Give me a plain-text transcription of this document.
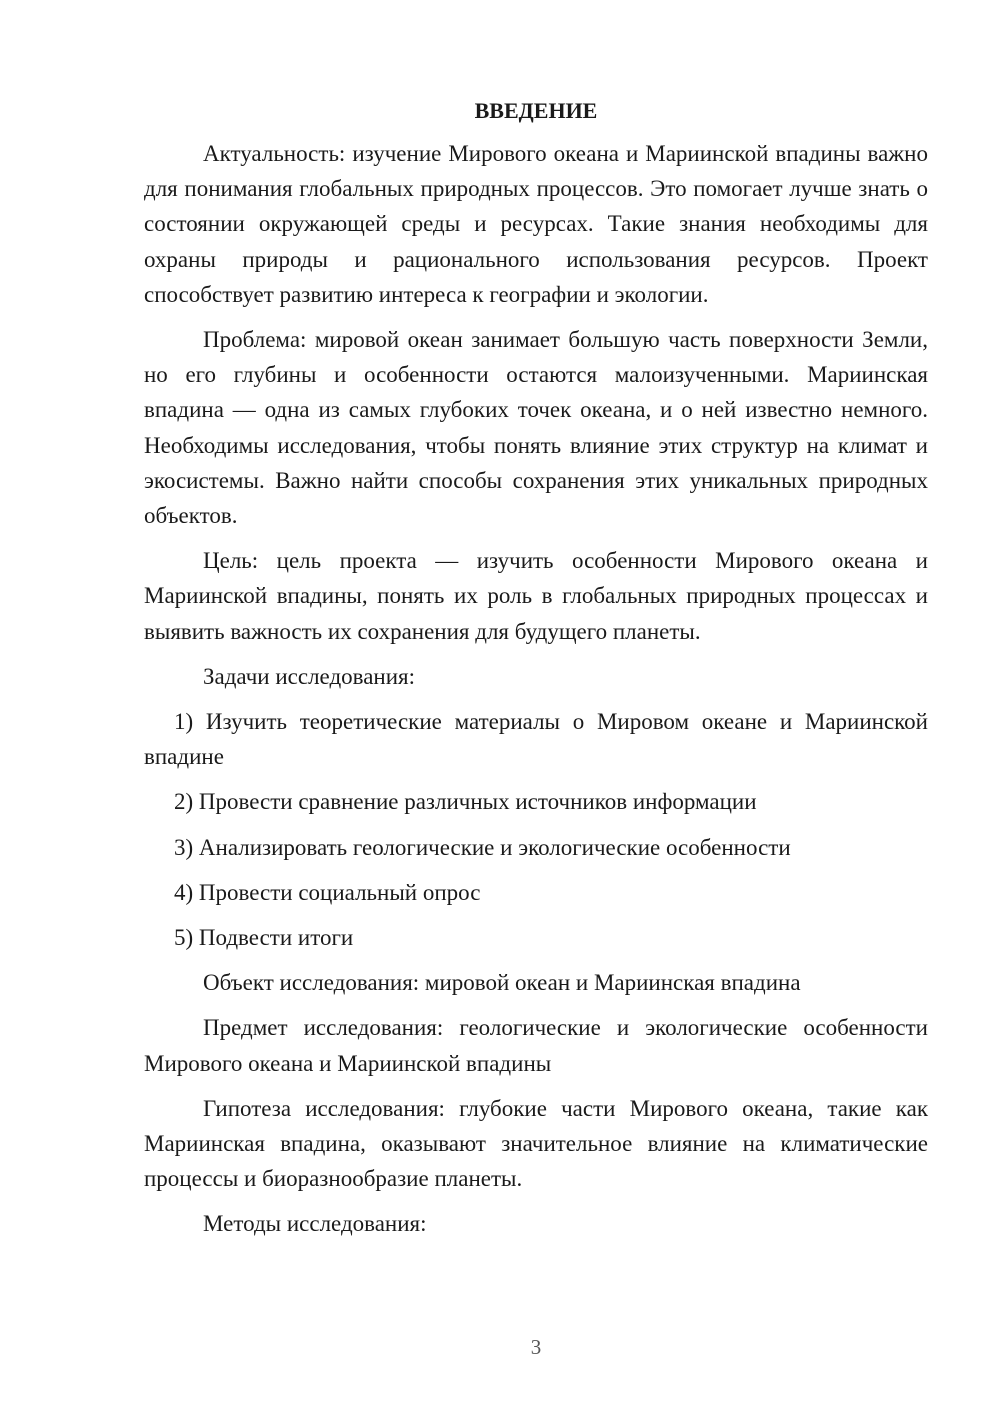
ВВЕДЕНИЕ

Актуальность: изучение Мирового океана и Мариинской впадины важно для понимания глобальных природных процессов. Это помогает лучше знать о состоянии окружающей среды и ресурсах. Такие знания необходимы для охраны природы и рационального использования ресурсов. Проект способствует развитию интереса к географии и экологии.

Проблема: мировой океан занимает большую часть поверхности Земли, но его глубины и особенности остаются малоизученными. Мариинская впадина — одна из самых глубоких точек океана, и о ней известно немного. Необходимы исследования, чтобы понять влияние этих структур на климат и экосистемы. Важно найти способы сохранения этих уникальных природных объектов.

Цель: цель проекта — изучить особенности Мирового океана и Мариинской впадины, понять их роль в глобальных природных процессах и выявить важность их сохранения для будущего планеты.

Задачи исследования:

1) Изучить теоретические материалы о Мировом океане и Мариинской впадине

2) Провести сравнение различных источников информации

3) Анализировать геологические и экологические особенности

4) Провести социальный опрос

5) Подвести итоги

Объект исследования: мировой океан и Мариинская впадина

Предмет исследования: геологические и экологические особенности Мирового океана и Мариинской впадины

Гипотеза исследования: глубокие части Мирового океана, такие как Мариинская впадина, оказывают значительное влияние на климатические процессы и биоразнообразие планеты.

Методы исследования:

3
